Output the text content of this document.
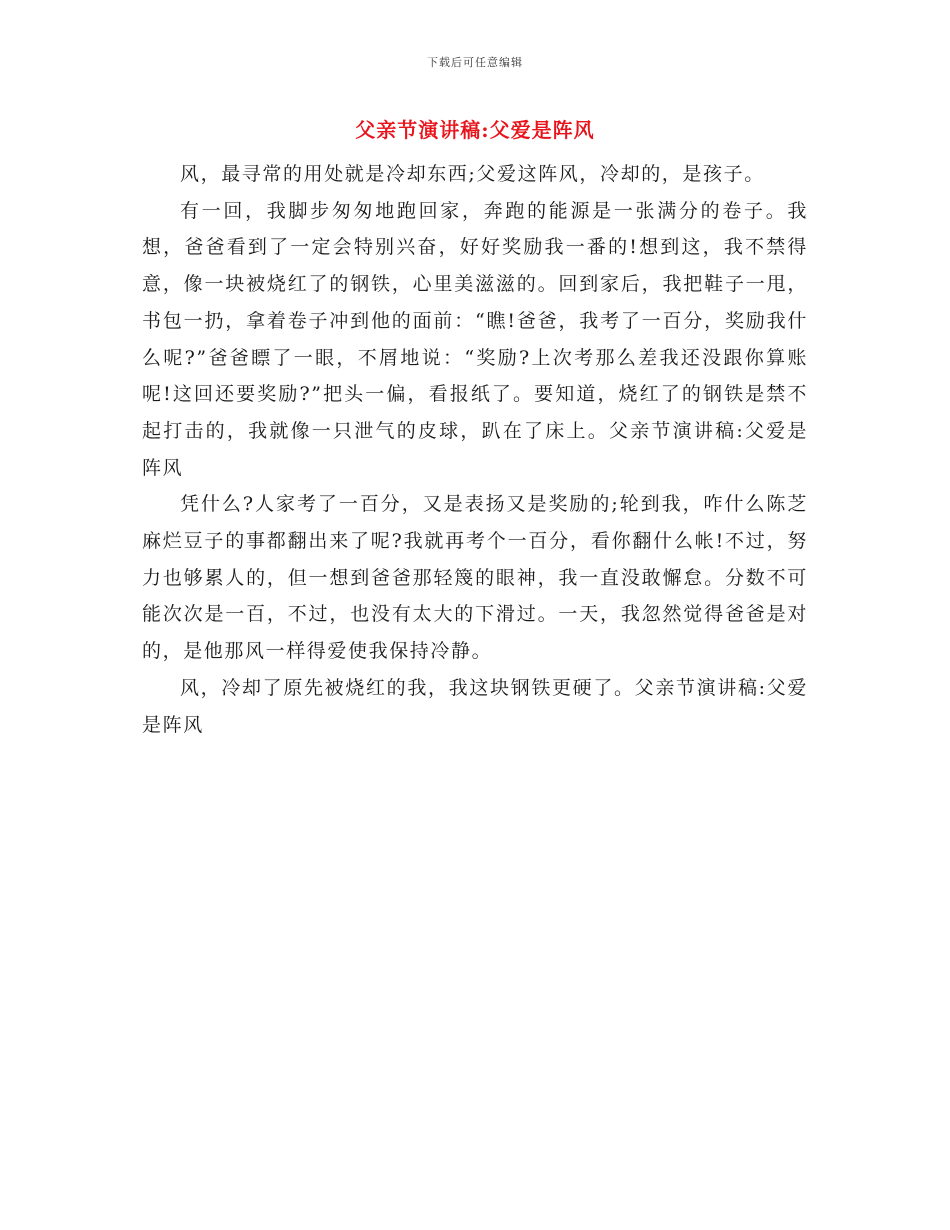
下载后可任意编辑
父亲节演讲稿:父爱是阵风

风，最寻常的用处就是冷却东西;父爱这阵风，冷却的，是孩子。

有一回，我脚步匆匆地跑回家，奔跑的能源是一张满分的卷子。我想，爸爸看到了一定会特别兴奋，好好奖励我一番的!想到这，我不禁得意，像一块被烧红了的钢铁，心里美滋滋的。回到家后，我把鞋子一甩，书包一扔，拿着卷子冲到他的面前：“瞧!爸爸，我考了一百分，奖励我什么呢?”爸爸瞟了一眼，不屑地说：“奖励?上次考那么差我还没跟你算账呢!这回还要奖励?”把头一偏，看报纸了。要知道，烧红了的钢铁是禁不起打击的，我就像一只泄气的皮球，趴在了床上。父亲节演讲稿:父爱是阵风

凭什么?人家考了一百分，又是表扬又是奖励的;轮到我，咋什么陈芝麻烂豆子的事都翻出来了呢?我就再考个一百分，看你翻什么帐!不过，努力也够累人的，但一想到爸爸那轻篾的眼神，我一直没敢懈怠。分数不可能次次是一百，不过，也没有太大的下滑过。一天，我忽然觉得爸爸是对的，是他那风一样得爱使我保持冷静。

风，冷却了原先被烧红的我，我这块钢铁更硬了。父亲节演讲稿:父爱是阵风
